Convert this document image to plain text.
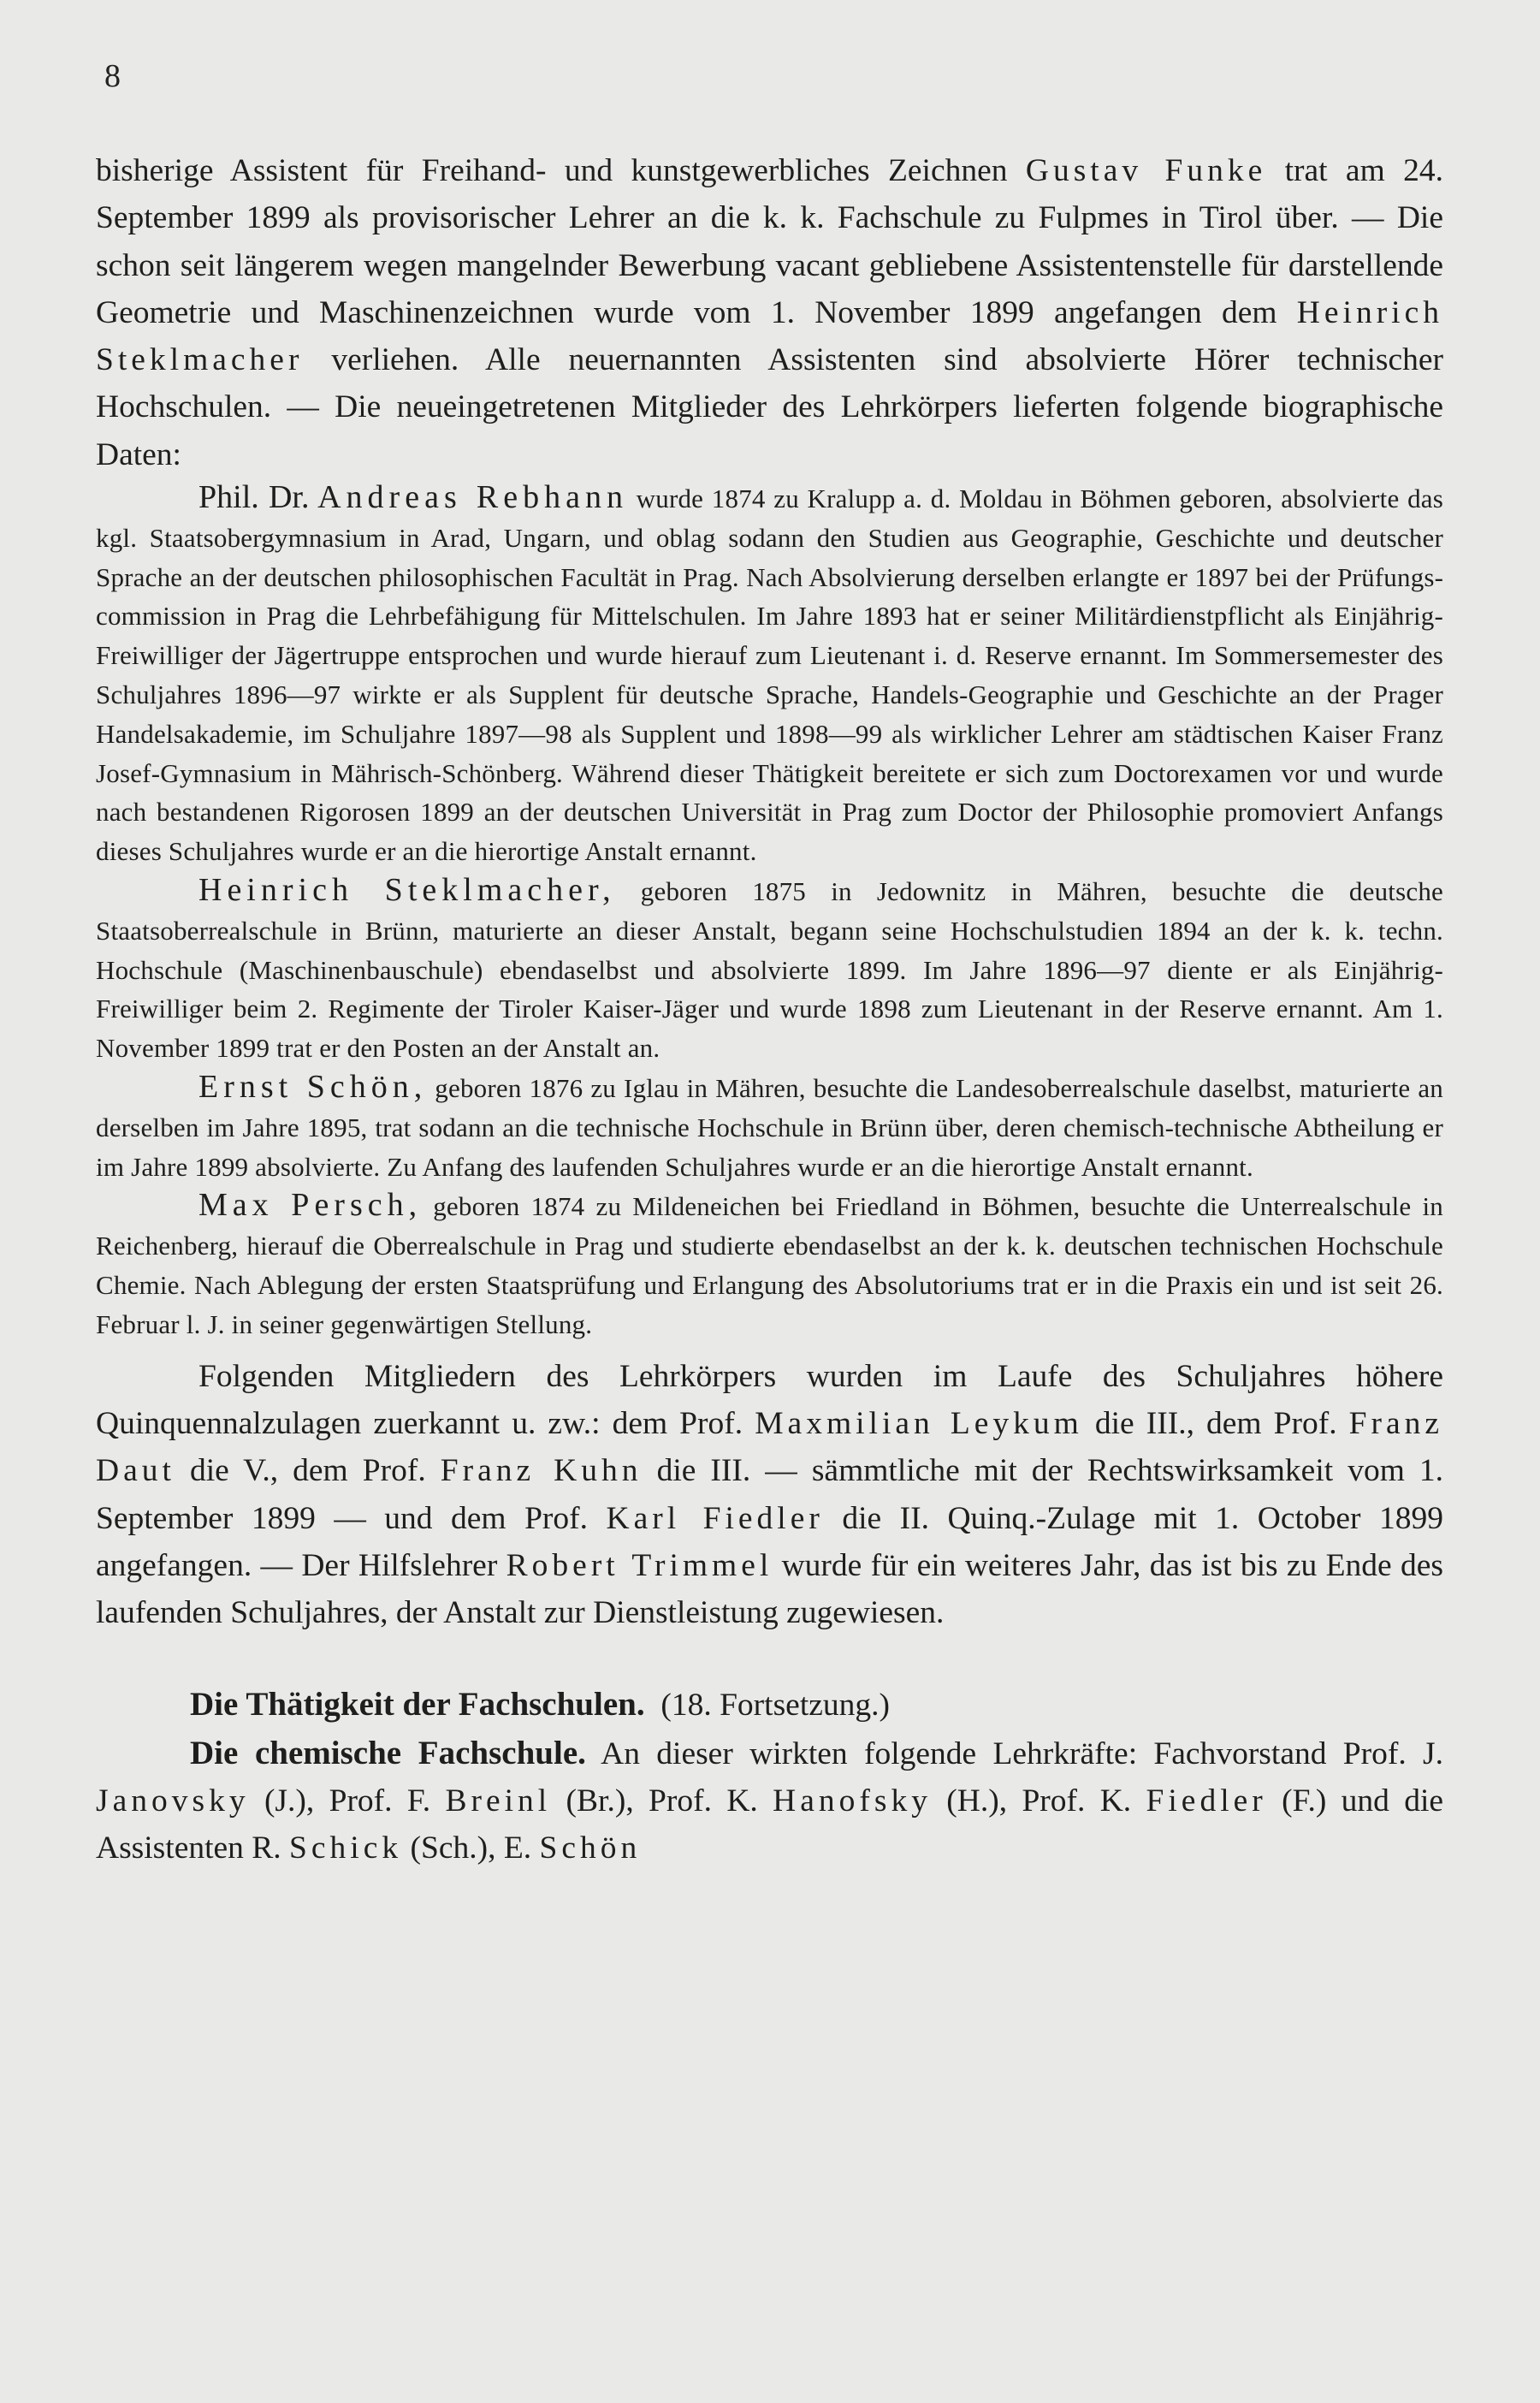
8

bisherige Assistent für Freihand- und kunstgewerbliches Zeichnen Gustav Funke trat am 24. September 1899 als provisorischer Lehrer an die k. k. Fachschule zu Fulpmes in Tirol über. — Die schon seit längerem wegen mangelnder Bewerbung vacant gebliebene Assistentenstelle für darstellende Geometrie und Maschinenzeichnen wurde vom 1. November 1899 angefangen dem Heinrich Steklmacher verliehen. Alle neuernannten Assistenten sind absolvierte Hörer technischer Hochschulen. — Die neueingetretenen Mitglieder des Lehrkörpers lieferten folgende biographische Daten:

Phil. Dr. Andreas Rebhann wurde 1874 zu Kralupp a. d. Moldau in Böhmen geboren, absolvierte das kgl. Staatsobergymnasium in Arad, Ungarn, und oblag sodann den Studien aus Geographie, Geschichte und deutscher Sprache an der deutschen philosophischen Facultät in Prag. Nach Absolvierung derselben erlangte er 1897 bei der Prüfungscommission in Prag die Lehrbefähigung für Mittelschulen. Im Jahre 1893 hat er seiner Militärdienstpflicht als Einjährig-Freiwilliger der Jägertruppe entsprochen und wurde hierauf zum Lieutenant i. d. Reserve ernannt. Im Sommersemester des Schuljahres 1896—97 wirkte er als Supplent für deutsche Sprache, Handels-Geographie und Geschichte an der Prager Handelsakademie, im Schuljahre 1897—98 als Supplent und 1898—99 als wirklicher Lehrer am städtischen Kaiser Franz Josef-Gymnasium in Mährisch-Schönberg. Während dieser Thätigkeit bereitete er sich zum Doctorexamen vor und wurde nach bestandenen Rigorosen 1899 an der deutschen Universität in Prag zum Doctor der Philosophie promoviert Anfangs dieses Schuljahres wurde er an die hierortige Anstalt ernannt.

Heinrich Steklmacher, geboren 1875 in Jedownitz in Mähren, besuchte die deutsche Staatsoberrealschule in Brünn, maturierte an dieser Anstalt, begann seine Hochschulstudien 1894 an der k. k. techn. Hochschule (Maschinenbauschule) ebendaselbst und absolvierte 1899. Im Jahre 1896—97 diente er als Einjährig-Freiwilliger beim 2. Regimente der Tiroler Kaiser-Jäger und wurde 1898 zum Lieutenant in der Reserve ernannt. Am 1. November 1899 trat er den Posten an der Anstalt an.

Ernst Schön, geboren 1876 zu Iglau in Mähren, besuchte die Landesoberrealschule daselbst, maturierte an derselben im Jahre 1895, trat sodann an die technische Hochschule in Brünn über, deren chemisch-technische Abtheilung er im Jahre 1899 absolvierte. Zu Anfang des laufenden Schuljahres wurde er an die hierortige Anstalt ernannt.

Max Persch, geboren 1874 zu Mildeneichen bei Friedland in Böhmen, besuchte die Unterrealschule in Reichenberg, hierauf die Oberrealschule in Prag und studierte ebendaselbst an der k. k. deutschen technischen Hochschule Chemie. Nach Ablegung der ersten Staatsprüfung und Erlangung des Absolutoriums trat er in die Praxis ein und ist seit 26. Februar l. J. in seiner gegenwärtigen Stellung.

Folgenden Mitgliedern des Lehrkörpers wurden im Laufe des Schuljahres höhere Quinquennalzulagen zuerkannt u. zw.: dem Prof. Maxmilian Leykum die III., dem Prof. Franz Daut die V., dem Prof. Franz Kuhn die III. — sämmtliche mit der Rechtswirksamkeit vom 1. September 1899 — und dem Prof. Karl Fiedler die II. Quinq.-Zulage mit 1. October 1899 angefangen. — Der Hilfslehrer Robert Trimmel wurde für ein weiteres Jahr, das ist bis zu Ende des laufenden Schuljahres, der Anstalt zur Dienstleistung zugewiesen.

Die Thätigkeit der Fachschulen. (18. Fortsetzung.)

Die chemische Fachschule. An dieser wirkten folgende Lehrkräfte: Fachvorstand Prof. J. Janovsky (J.), Prof. F. Breinl (Br.), Prof. K. Hanofsky (H.), Prof. K. Fiedler (F.) und die Assistenten R. Schick (Sch.), E. Schön
